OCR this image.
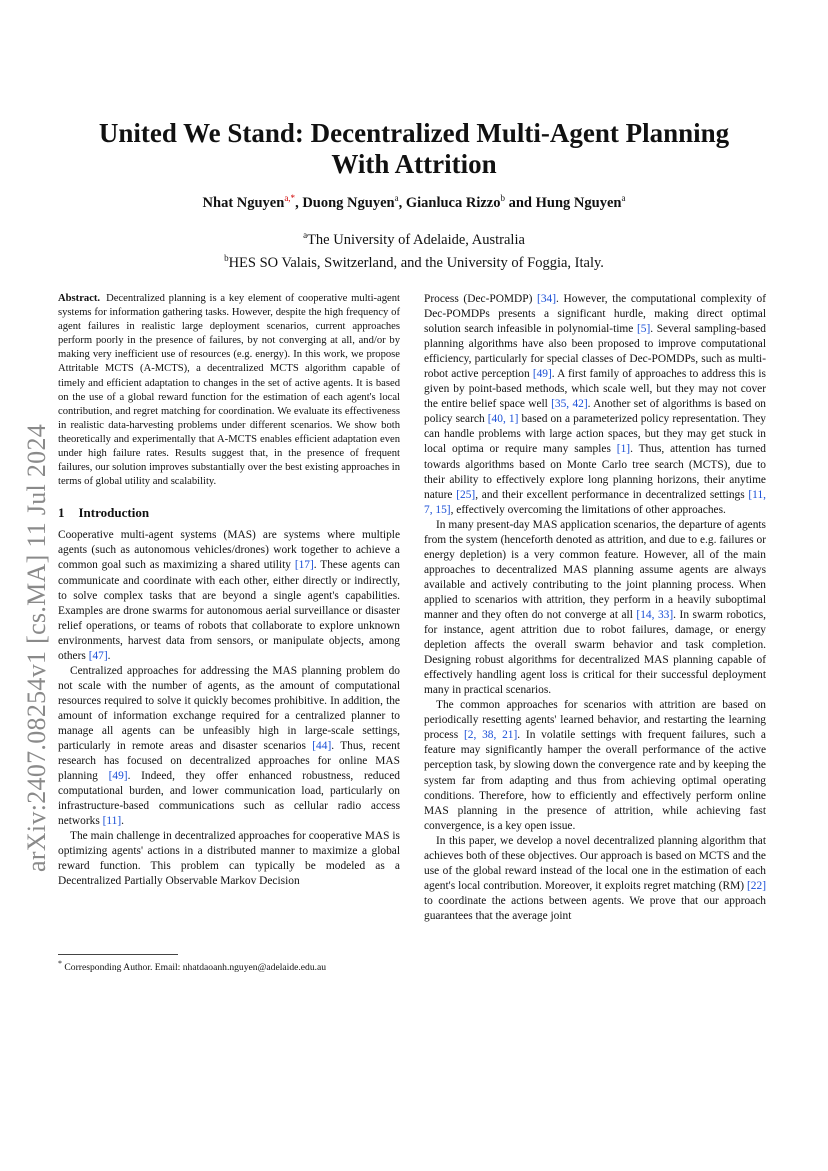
arXiv:2407.08254v1 [cs.MA] 11 Jul 2024
United We Stand: Decentralized Multi-Agent Planning With Attrition
Nhat Nguyen$^{a,*}$, Duong Nguyen$^a$, Gianluca Rizzo$^b$ and Hung Nguyen$^a$
$^a$The University of Adelaide, Australia
$^b$HES SO Valais, Switzerland, and the University of Foggia, Italy.

Abstract. Decentralized planning is a key element of cooperative multi-agent systems for information gathering tasks. However, despite the high frequency of agent failures in realistic large deployment scenarios, current approaches perform poorly in the presence of failures, by not converging at all, and/or by making very inefficient use of resources (e.g. energy). In this work, we propose Attritable MCTS (A-MCTS), a decentralized MCTS algorithm capable of timely and efficient adaptation to changes in the set of active agents. It is based on the use of a global reward function for the estimation of each agent's local contribution, and regret matching for coordination. We evaluate its effectiveness in realistic data-harvesting problems under different scenarios. We show both theoretically and experimentally that A-MCTS enables efficient adaptation even under high failure rates. Results suggest that, in the presence of frequent failures, our solution improves substantially over the best existing approaches in terms of global utility and scalability.

1 Introduction

Cooperative multi-agent systems (MAS) are systems where multiple agents (such as autonomous vehicles/drones) work together to achieve a common goal such as maximizing a shared utility [17]. These agents can communicate and coordinate with each other, either directly or indirectly, to solve complex tasks that are beyond a single agent's capabilities. Examples are drone swarms for autonomous aerial surveillance or disaster relief operations, or teams of robots that collaborate to explore unknown environments, harvest data from sensors, or manipulate objects, among others [47].

Centralized approaches for addressing the MAS planning problem do not scale with the number of agents, as the amount of computational resources required to solve it quickly becomes prohibitive. In addition, the amount of information exchange required for a centralized planner to manage all agents can be unfeasibly high in large-scale settings, particularly in remote areas and disaster scenarios [44]. Thus, recent research has focused on decentralized approaches for online MAS planning [49]. Indeed, they offer enhanced robustness, reduced computational burden, and lower communication load, particularly on infrastructure-based communications such as cellular radio access networks [11].

The main challenge in decentralized approaches for cooperative MAS is optimizing agents' actions in a distributed manner to maximize a global reward function. This problem can typically be modeled as a Decentralized Partially Observable Markov Decision

Process (Dec-POMDP) [34]. However, the computational complexity of Dec-POMDPs presents a significant hurdle, making direct optimal solution search infeasible in polynomial-time [5]. Several sampling-based planning algorithms have also been proposed to improve computational efficiency, particularly for special classes of Dec-POMDPs, such as multi-robot active perception [49]. A first family of approaches to address this is given by point-based methods, which scale well, but they may not cover the entire belief space well [35, 42]. Another set of algorithms is based on policy search [40, 1] based on a parameterized policy representation. They can handle problems with large action spaces, but they may get stuck in local optima or require many samples [1]. Thus, attention has turned towards algorithms based on Monte Carlo tree search (MCTS), due to their ability to effectively explore long planning horizons, their anytime nature [25], and their excellent performance in decentralized settings [11, 7, 15], effectively overcoming the limitations of other approaches.

In many present-day MAS application scenarios, the departure of agents from the system (henceforth denoted as attrition, and due to e.g. failures or energy depletion) is a very common feature. However, all of the main approaches to decentralized MAS planning assume agents are always available and actively contributing to the joint planning process. When applied to scenarios with attrition, they perform in a heavily suboptimal manner and they often do not converge at all [14, 33]. In swarm robotics, for instance, agent attrition due to robot failures, damage, or energy depletion affects the overall swarm behavior and task completion. Designing robust algorithms for decentralized MAS planning capable of effectively handling agent loss is critical for their successful deployment many in practical scenarios.

The common approaches for scenarios with attrition are based on periodically resetting agents' learned behavior, and restarting the learning process [2, 38, 21]. In volatile settings with frequent failures, such a feature may significantly hamper the overall performance of the active perception task, by slowing down the convergence rate and by keeping the system far from adapting and thus from achieving optimal operating conditions. Therefore, how to efficiently and effectively perform online MAS planning in the presence of attrition, while achieving fast convergence, is a key open issue.

In this paper, we develop a novel decentralized planning algorithm that achieves both of these objectives. Our approach is based on MCTS and the use of the global reward instead of the local one in the estimation of each agent's local contribution. Moreover, it exploits regret matching (RM) [22] to coordinate the actions between agents. We prove that our approach guarantees that the average joint

* Corresponding Author. Email: nhatdaoanh.nguyen@adelaide.edu.au
